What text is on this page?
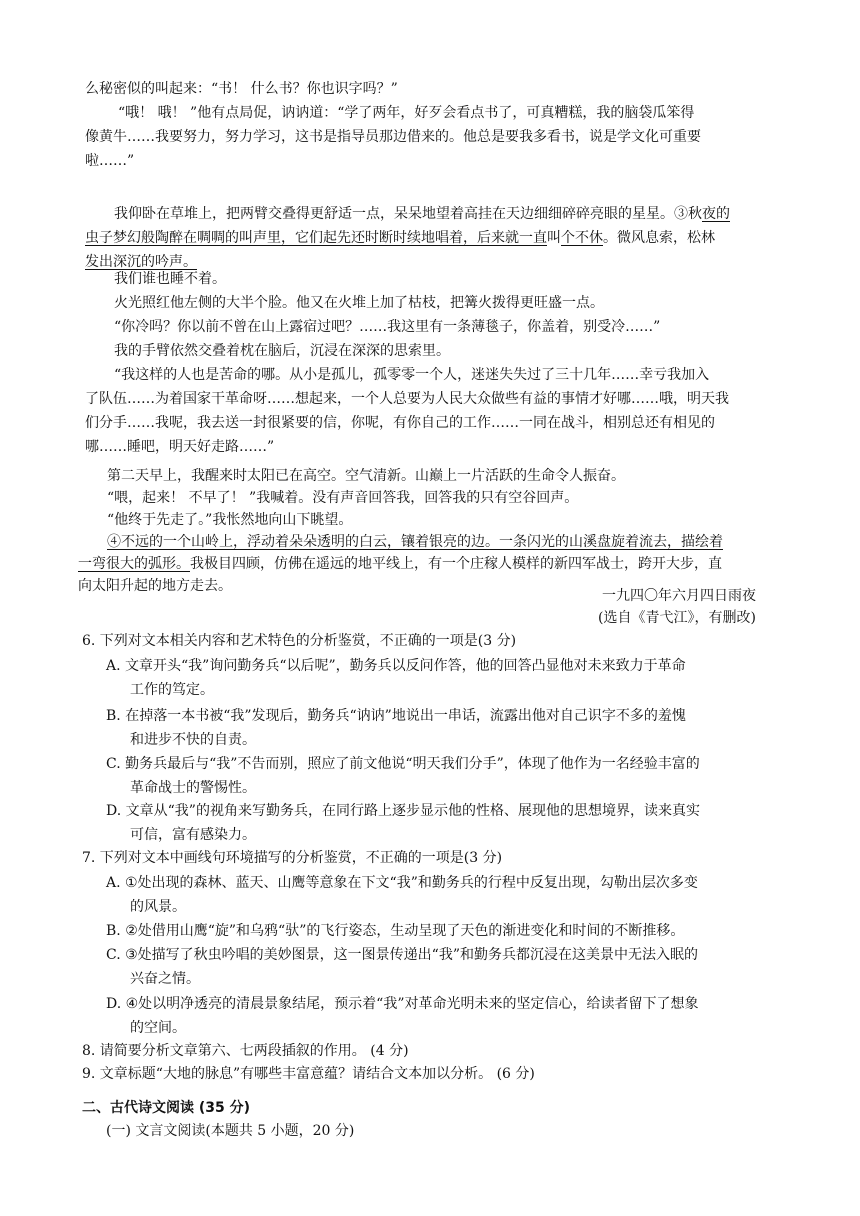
么秘密似的叫起来：“书！ 什么书？你也识字吗？”
“哦！ 哦！ ”他有点局促，讷讷道：“学了两年，好歹会看点书了，可真糟糕，我的脑袋瓜笨得
像黄牛……我要努力，努力学习，这书是指导员那边借来的。他总是要我多看书，说是学文化可重要
啦……”
我仰卧在草堆上，把两臂交叠得更舒适一点，呆呆地望着高挂在天边细细碎碎亮眼的星星。③秋夜的
虫子梦幻般陶醉在啁啁的叫声里，它们起先还时断时续地唱着，后来就一直叫个不休。微风息索，松林
发出深沉的吟声。
我们谁也睡不着。
火光照红他左侧的大半个脸。他又在火堆上加了枯枝，把篝火拨得更旺盛一点。
“你冷吗？你以前不曾在山上露宿过吧？……我这里有一条薄毯子，你盖着，别受冷……”
我的手臂依然交叠着枕在脑后，沉浸在深深的思索里。
“我这样的人也是苦命的哪。从小是孤儿，孤零零一个人，迷迷失失过了三十几年……幸亏我加入
了队伍……为着国家干革命呀……想起来，一个人总要为人民大众做些有益的事情才好哪……哦，明天我
们分手……我呢，我去送一封很紧要的信，你呢，有你自己的工作……一同在战斗，相别总还有相见的
哪……睡吧，明天好走路……”
第二天早上，我醒来时太阳已在高空。空气清新。山巅上一片活跃的生命令人振奋。
“喂，起来！ 不早了！ ”我喊着。没有声音回答我，回答我的只有空谷回声。
“他终于先走了。”我怅然地向山下眺望。
④不远的一个山岭上，浮动着朵朵透明的白云，镶着银亮的边。一条闪光的山溪盘旋着流去，描绘着
一弯很大的弧形。我极目四顾，仿佛在遥远的地平线上，有一个庄稼人模样的新四军战士，跨开大步，直
向太阳升起的地方走去。
一九四〇年六月四日雨夜
(选自《青弋江》，有删改)
6. 下列对文本相关内容和艺术特色的分析鉴赏，不正确的一项是(3 分)
A. 文章开头“我”询问勤务兵“以后呢”，勤务兵以反问作答，他的回答凸显他对未来致力于革命
工作的笃定。
B. 在掉落一本书被“我”发现后，勤务兵“讷讷”地说出一串话，流露出他对自己识字不多的羞愧
和进步不快的自责。
C. 勤务兵最后与“我”不告而别，照应了前文他说“明天我们分手”，体现了他作为一名经验丰富的
革命战士的警惕性。
D. 文章从“我”的视角来写勤务兵，在同行路上逐步显示他的性格、展现他的思想境界，读来真实
可信，富有感染力。
7. 下列对文本中画线句环境描写的分析鉴赏，不正确的一项是(3 分)
A. ①处出现的森林、蓝天、山鹰等意象在下文“我”和勤务兵的行程中反复出现，勾勒出层次多变
的风景。
B. ②处借用山鹰“旋”和乌鸦“驮”的飞行姿态，生动呈现了天色的渐进变化和时间的不断推移。
C. ③处描写了秋虫吟唱的美妙图景，这一图景传递出“我”和勤务兵都沉浸在这美景中无法入眠的
兴奋之情。
D. ④处以明净透亮的清晨景象结尾，预示着“我”对革命光明未来的坚定信心，给读者留下了想象
的空间。
8. 请简要分析文章第六、七两段插叙的作用。 (4 分)
9. 文章标题“大地的脉息”有哪些丰富意蕴？请结合文本加以分析。 (6 分)
二、古代诗文阅读 (35 分)
(一) 文言文阅读(本题共 5 小题，20 分)
